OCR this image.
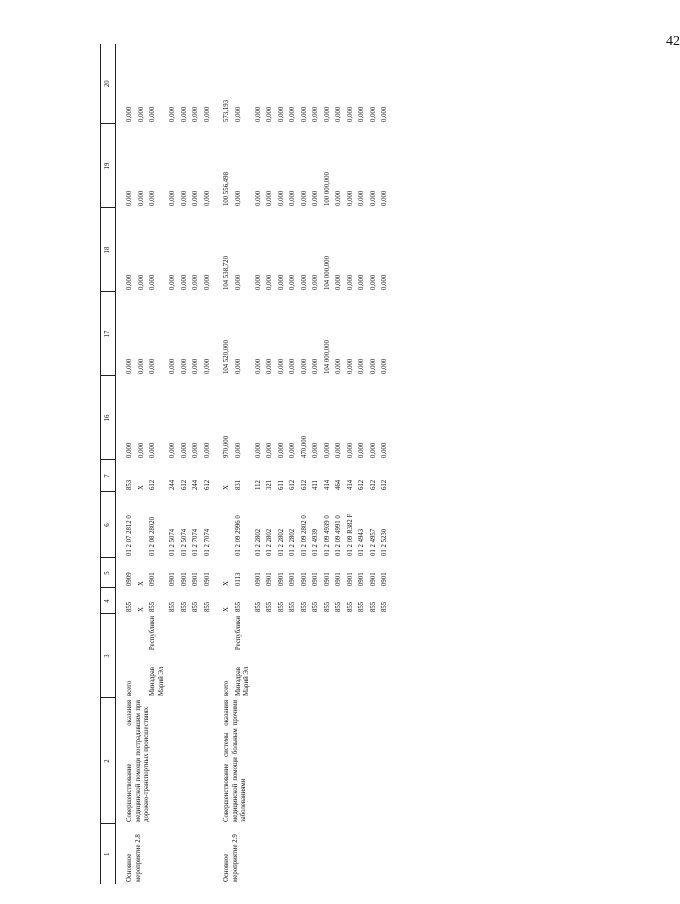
42
1	2	3	4	5	6	7	16	17	18	19	20
Основное мероприятие 2.8	Совершенствование оказания медицинской помощи пострадавшим при дорожно-транспортных происшествиях	всего	855	0909	01 2 07 2812 0	853	0,000	0,000	0,000	0,000	0,000
			X	X		X	0,000	0,000	0,000	0,000	0,000
		Минздрав Республики Марий Эл	855	0901	01 2 08 28020	612	0,000	0,000	0,000	0,000	0,000
			855	0901	01 2 5074	244	0,000	0,000	0,000	0,000	0,000
			855	0901	01 2 5074	612	0,000	0,000	0,000	0,000	0,000
			855	0901	01 2 7074	244	0,000	0,000	0,000	0,000	0,000
			855	0901	01 2 7074	612	0,000	0,000	0,000	0,000	0,000
Основное мероприятие 2.9	Совершенствование системы оказания медицинской помощи больным прочими заболеваниями	всего	X	X		X	970,000	104 520,000	104 538,720	100 556,498	573,193
		Минздрав Республики Марий Эл	855	0113	01 2 09 2996 0	831	0,000	0,000	0,000	0,000	0,000
			855	0901	01 2 2802	112	0,000	0,000	0,000	0,000	0,000
			855	0901	01 2 2802	321	0,000	0,000	0,000	0,000	0,000
			855	0901	01 2 2802	611	0,000	0,000	0,000	0,000	0,000
			855	0901	01 2 2802	612	0,000	0,000	0,000	0,000	0,000
			855	0901	01 2 09 2802 0	612	470,000	0,000	0,000	0,000	0,000
			855	0901	01 2 4939	411	0,000	0,000	0,000	0,000	0,000
			855	0901	01 2 09 4939 0	414	0,000	104 000,000	104 000,000	100 000,000	0,000
			855	0901	01 2 09 4991 0	464	0,000	0,000	0,000	0,000	0,000
			855	0901	01 2 09 R382 F	414	0,000	0,000	0,000	0,000	0,000
			855	0901	01 2 4943	612	0,000	0,000	0,000	0,000	0,000
			855	0901	01 2 4957	612	0,000	0,000	0,000	0,000	0,000
			855	0901	01 2 5230	612	0,000	0,000	0,000	0,000	0,000
